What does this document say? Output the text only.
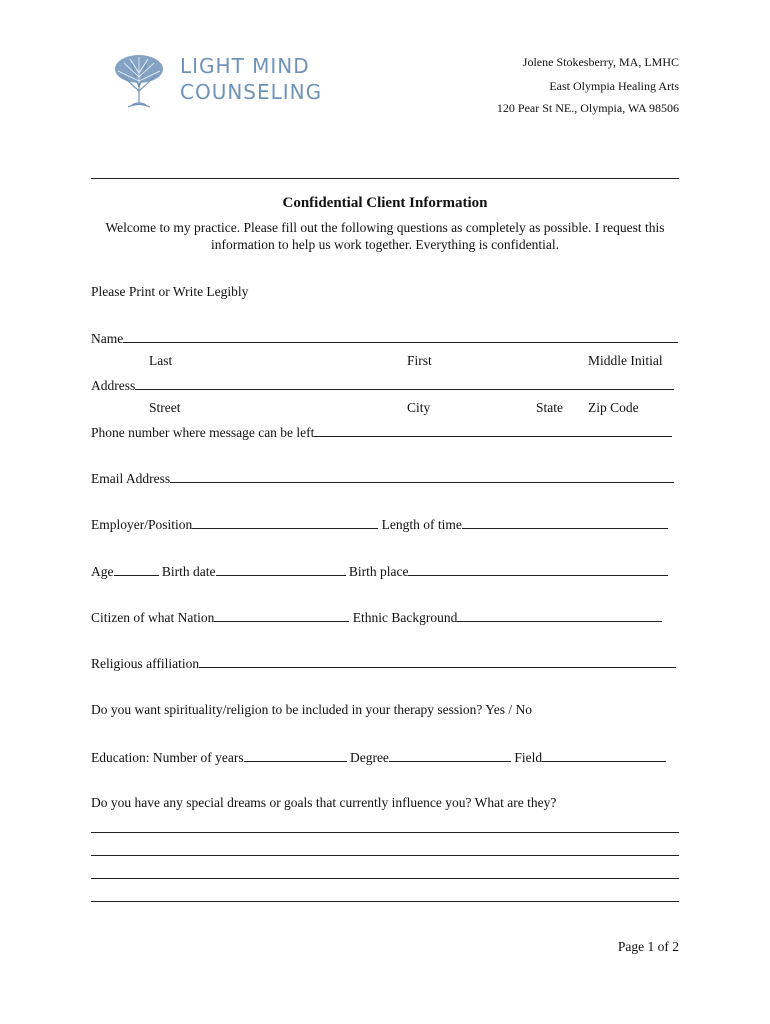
LIGHT MIND
COUNSELING
Jolene Stokesberry, MA, LMHC
East Olympia Healing Arts
120 Pear St NE., Olympia, WA 98506
Confidential Client Information
Welcome to my practice. Please fill out the following questions as completely as possible. I request this information to help us work together. Everything is confidential.
Please Print or Write Legibly
Name
Last	First	Middle Initial
Address
Street	City	State Zip Code
Phone number where message can be left
Email Address
Employer/Position	Length of time
Age	Birth date	Birth place
Citizen of what Nation	Ethnic Background
Religious affiliation
Do you want spirituality/religion to be included in your therapy session? Yes / No
Education: Number of years	Degree	Field
Do you have any special dreams or goals that currently influence you? What are they?
Page 1 of 2
